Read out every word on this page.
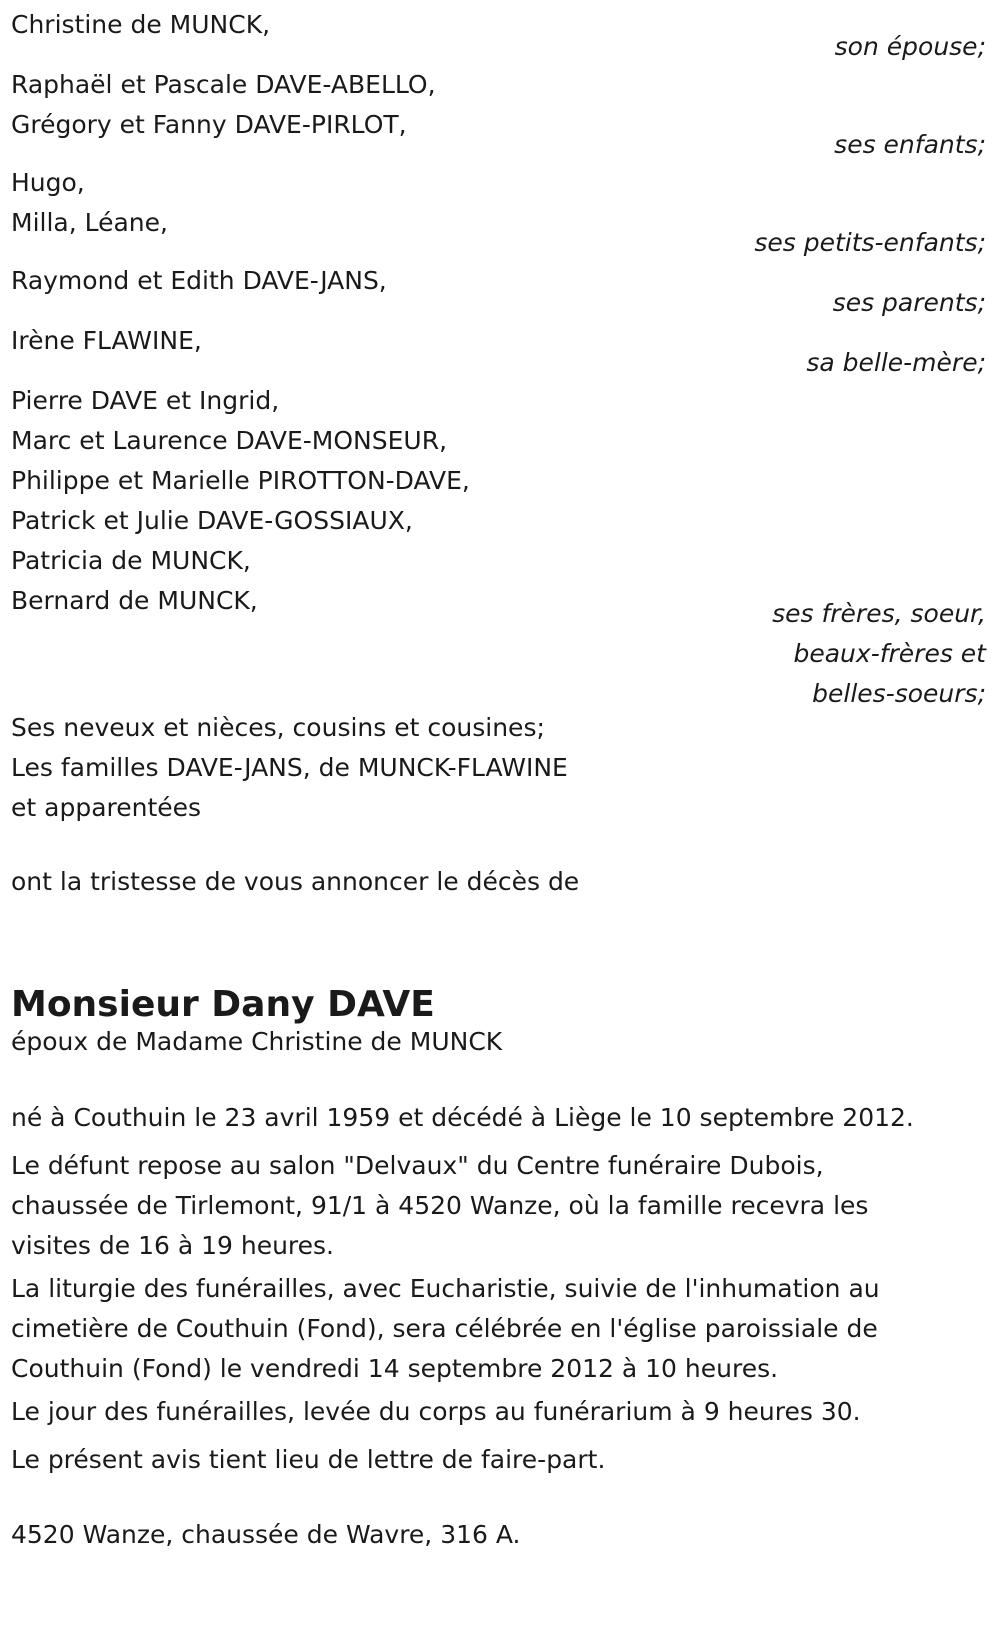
Christine de MUNCK,
son épouse;
Raphaël et Pascale DAVE-ABELLO,
Grégory et Fanny DAVE-PIRLOT,
ses enfants;
Hugo,
Milla, Léane,
ses petits-enfants;
Raymond et Edith DAVE-JANS,
ses parents;
Irène FLAWINE,
sa belle-mère;
Pierre DAVE et Ingrid,
Marc et Laurence DAVE-MONSEUR,
Philippe et Marielle PIROTTON-DAVE,
Patrick et Julie DAVE-GOSSIAUX,
Patricia de MUNCK,
Bernard de MUNCK,	ses frères, soeur,
beaux-frères et
belles-soeurs;
Ses neveux et nièces, cousins et cousines;
Les familles DAVE-JANS, de MUNCK-FLAWINE
et apparentées
ont la tristesse de vous annoncer le décès de
Monsieur Dany DAVE
époux de Madame Christine de MUNCK
né à Couthuin le 23 avril 1959 et décédé à Liège le 10 septembre 2012.
Le défunt repose au salon "Delvaux" du Centre funéraire Dubois,
chaussée de Tirlemont, 91/1 à 4520 Wanze, où la famille recevra les
visites de 16 à 19 heures.
La liturgie des funérailles, avec Eucharistie, suivie de l'inhumation au
cimetière de Couthuin (Fond), sera célébrée en l'église paroissiale de
Couthuin (Fond) le vendredi 14 septembre 2012 à 10 heures.
Le jour des funérailles, levée du corps au funérarium à 9 heures 30.
Le présent avis tient lieu de lettre de faire-part.
4520 Wanze, chaussée de Wavre, 316 A.
